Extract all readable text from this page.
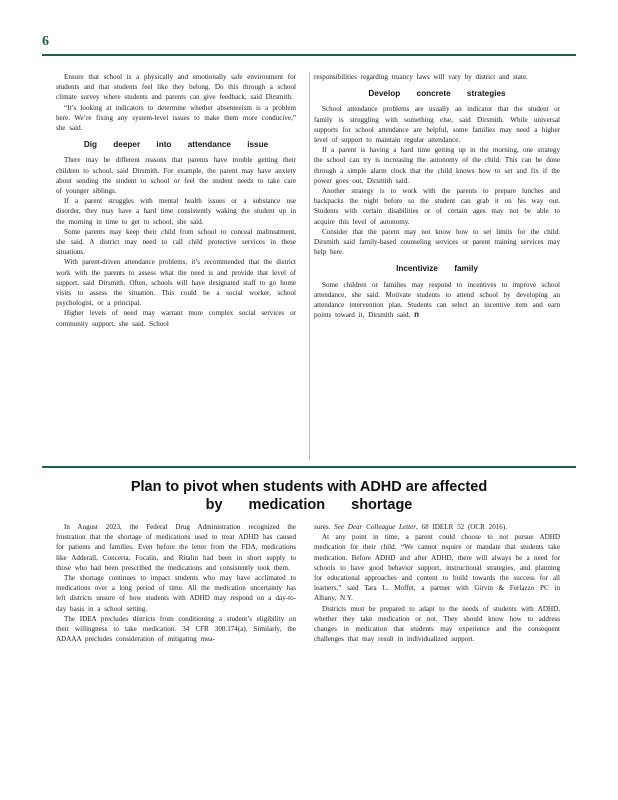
6

Ensure that school is a physically and emotionally safe environment for students and that students feel like they belong. Do this through a school climate survey where students and parents can give feedback, said Dirsmith.

“It’s looking at indicators to determine whether absenteeism is a problem here. We’re fixing any system-level issues to make them more conducive,” she said.

Dig deeper into attendance issue

There may be different reasons that parents have trouble getting their children to school, said Dirsmith. For example, the parent may have anxiety about sending the student to school or feel the student needs to take care of younger siblings.

If a parent struggles with mental health issues or a substance use disorder, they may have a hard time consistently waking the student up in the morning in time to get to school, she said.

Some parents may keep their child from school to conceal maltreatment, she said. A district may need to call child protective services in these situations.

With parent-driven attendance problems, it’s recommended that the district work with the parents to assess what the need is and provide that level of support, said Dirsmith. Often, schools will have designated staff to go home visits to assess the situation. This could be a social worker, school psychologist, or a principal.

Higher levels of need may warrant more complex social services or community support, she said. School

responsibilities regarding truancy laws will vary by district and state.

Develop concrete strategies

School attendance problems are usually an indicator that the student or family is struggling with something else, said Dirsmith. While universal supports for school attendance are helpful, some families may need a higher level of support to maintain regular attendance.

If a parent is having a hard time getting up in the morning, one strategy the school can try is increasing the autonomy of the child. This can be done through a simple alarm clock that the child knows how to set and fix if the power goes out, Dirsmith said.

Another strategy is to work with the parents to prepare lunches and backpacks the night before so the student can grab it on his way out. Students with certain disabilities or of certain ages may not be able to acquire this level of autonomy.

Consider that the parent may not know how to set limits for the child. Dirsmith said family-based counseling services or parent training services may help here.

Incentivize family

Some children or families may respond to incentives to improve school attendance, she said. Motivate students to attend school by developing an attendance intervention plan. Students can select an incentive item and earn points toward it, Dirsmith said. n

Plan to pivot when students with ADHD are affected
by medication shortage

In August 2023, the Federal Drug Administration recognized the frustration that the shortage of medications used to treat ADHD has caused for patients and families. Even before the letter from the FDA, medications like Adderall, Concerta, Focalin, and Ritalin had been in short supply to those who had been prescribed the medications and consistently took them.

The shortage continues to impact students who may have acclimated to medications over a long period of time. All the medication uncertainty has left districts unsure of how students with ADHD may respond on a day-to-day basis in a school setting.

The IDEA precludes districts from conditioning a student’s eligibility on their willingness to take medication. 34 CFR 300.174(a). Similarly, the ADAAA precludes consideration of mitigating mea-

sures. See Dear Colleague Letter, 68 IDELR 52 (OCR 2016).

At any point in time, a parent could choose to not pursue ADHD medication for their child. “We cannot require or mandate that students take medication. Before ADHD and after ADHD, there will always be a need for schools to have good behavior support, instructional strategies, and planning for educational approaches and content to build towards the success for all learners,” said Tara L. Moffet, a partner with Girvin & Ferlazzo PC in Albany, N.Y.

Districts must be prepared to adapt to the needs of students with ADHD, whether they take medication or not. They should know how to address changes in medication that students may experience and the consequent challenges that may result in individualized support.
